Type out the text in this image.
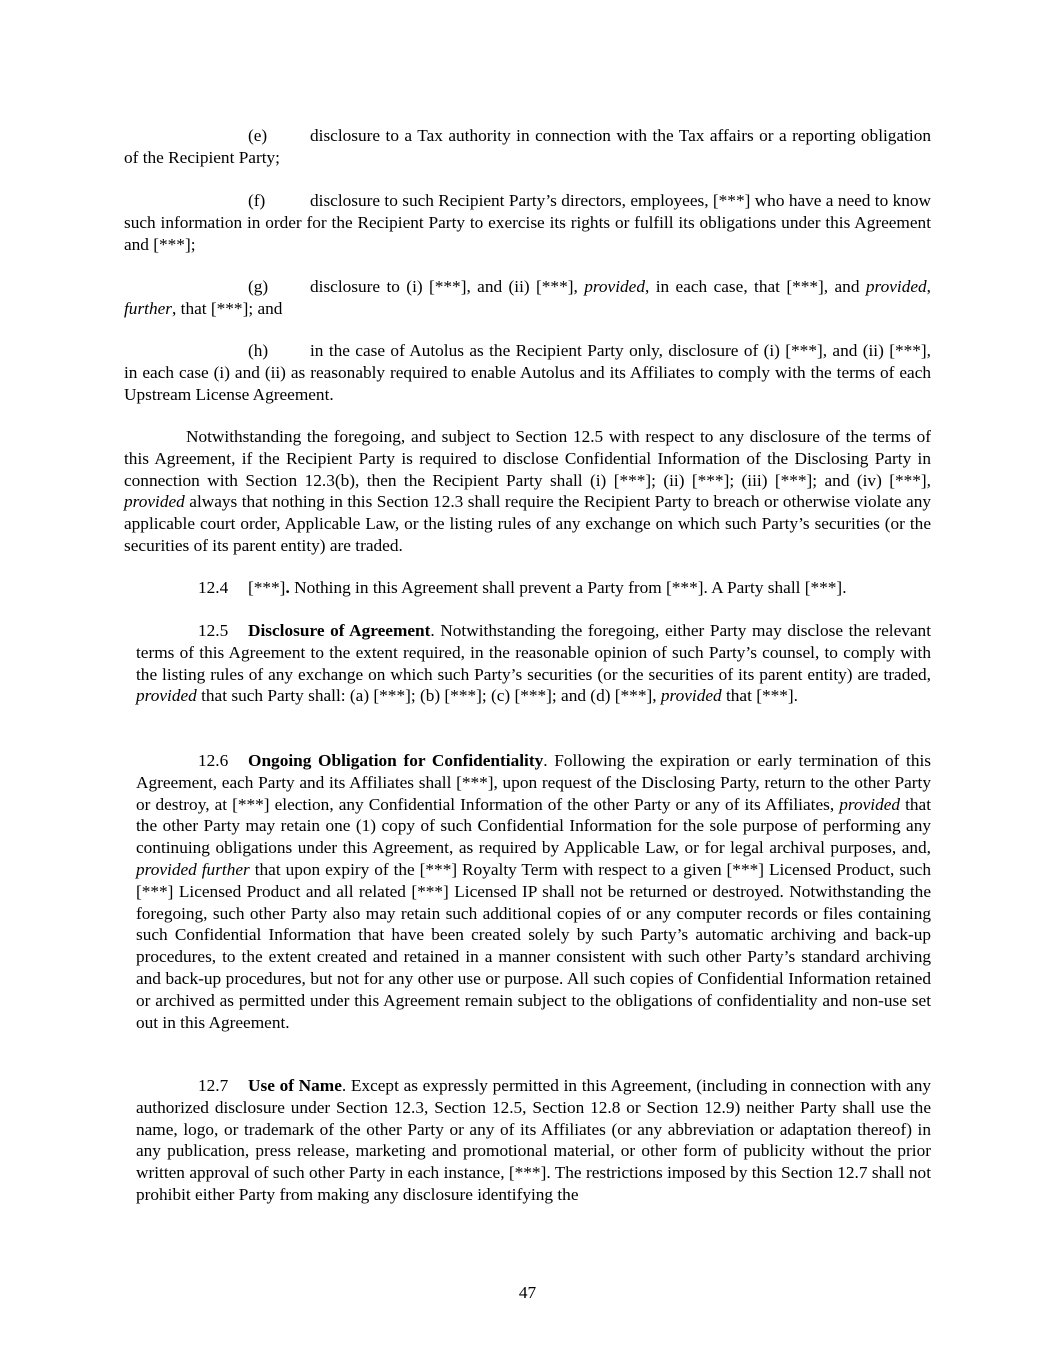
(e) disclosure to a Tax authority in connection with the Tax affairs or a reporting obligation of the Recipient Party;

(f)	disclosure to such Recipient Party’s directors, employees, [***] who have a need to know such information in order for the Recipient Party to exercise its rights or fulfill its obligations under this Agreement and [***];

(g) disclosure to (i) [***], and (ii) [***], provided, in each case, that [***], and provided, further, that [***]; and

(h) in the case of Autolus as the Recipient Party only, disclosure of (i) [***], and (ii) [***], in each case (i) and (ii) as reasonably required to enable Autolus and its Affiliates to comply with the terms of each Upstream License Agreement.

Notwithstanding the foregoing, and subject to Section 12.5 with respect to any disclosure of the terms of this Agreement, if the Recipient Party is required to disclose Confidential Information of the Disclosing Party in connection with Section 12.3(b), then the Recipient Party shall (i) [***]; (ii) [***]; (iii) [***]; and (iv) [***], provided always that nothing in this Section 12.3 shall require the Recipient Party to breach or otherwise violate any applicable court order, Applicable Law, or the listing rules of any exchange on which such Party’s securities (or the securities of its parent entity) are traded.

12.4 [***]. Nothing in this Agreement shall prevent a Party from [***]. A Party shall [***].

12.5 Disclosure of Agreement. Notwithstanding the foregoing, either Party may disclose the relevant terms of this Agreement to the extent required, in the reasonable opinion of such Party’s counsel, to comply with the listing rules of any exchange on which such Party’s securities (or the securities of its parent entity) are traded, provided that such Party shall: (a) [***]; (b) [***]; (c) [***]; and (d) [***], provided that [***].

12.6 Ongoing Obligation for Confidentiality. Following the expiration or early termination of this Agreement, each Party and its Affiliates shall [***], upon request of the Disclosing Party, return to the other Party or destroy, at [***] election, any Confidential Information of the other Party or any of its Affiliates, provided that the other Party may retain one (1) copy of such Confidential Information for the sole purpose of performing any continuing obligations under this Agreement, as required by Applicable Law, or for legal archival purposes, and, provided further that upon expiry of the [***] Royalty Term with respect to a given [***] Licensed Product, such [***] Licensed Product and all related [***] Licensed IP shall not be returned or destroyed. Notwithstanding the foregoing, such other Party also may retain such additional copies of or any computer records or files containing such Confidential Information that have been created solely by such Party’s automatic archiving and back-up procedures, to the extent created and retained in a manner consistent with such other Party’s standard archiving and back-up procedures, but not for any other use or purpose. All such copies of Confidential Information retained or archived as permitted under this Agreement remain subject to the obligations of confidentiality and non-use set out in this Agreement.

12.7 Use of Name. Except as expressly permitted in this Agreement, (including in connection with any authorized disclosure under Section 12.3, Section 12.5, Section 12.8 or Section 12.9) neither Party shall use the name, logo, or trademark of the other Party or any of its Affiliates (or any abbreviation or adaptation thereof) in any publication, press release, marketing and promotional material, or other form of publicity without the prior written approval of such other Party in each instance, [***]. The restrictions imposed by this Section 12.7 shall not prohibit either Party from making any disclosure identifying the

47
